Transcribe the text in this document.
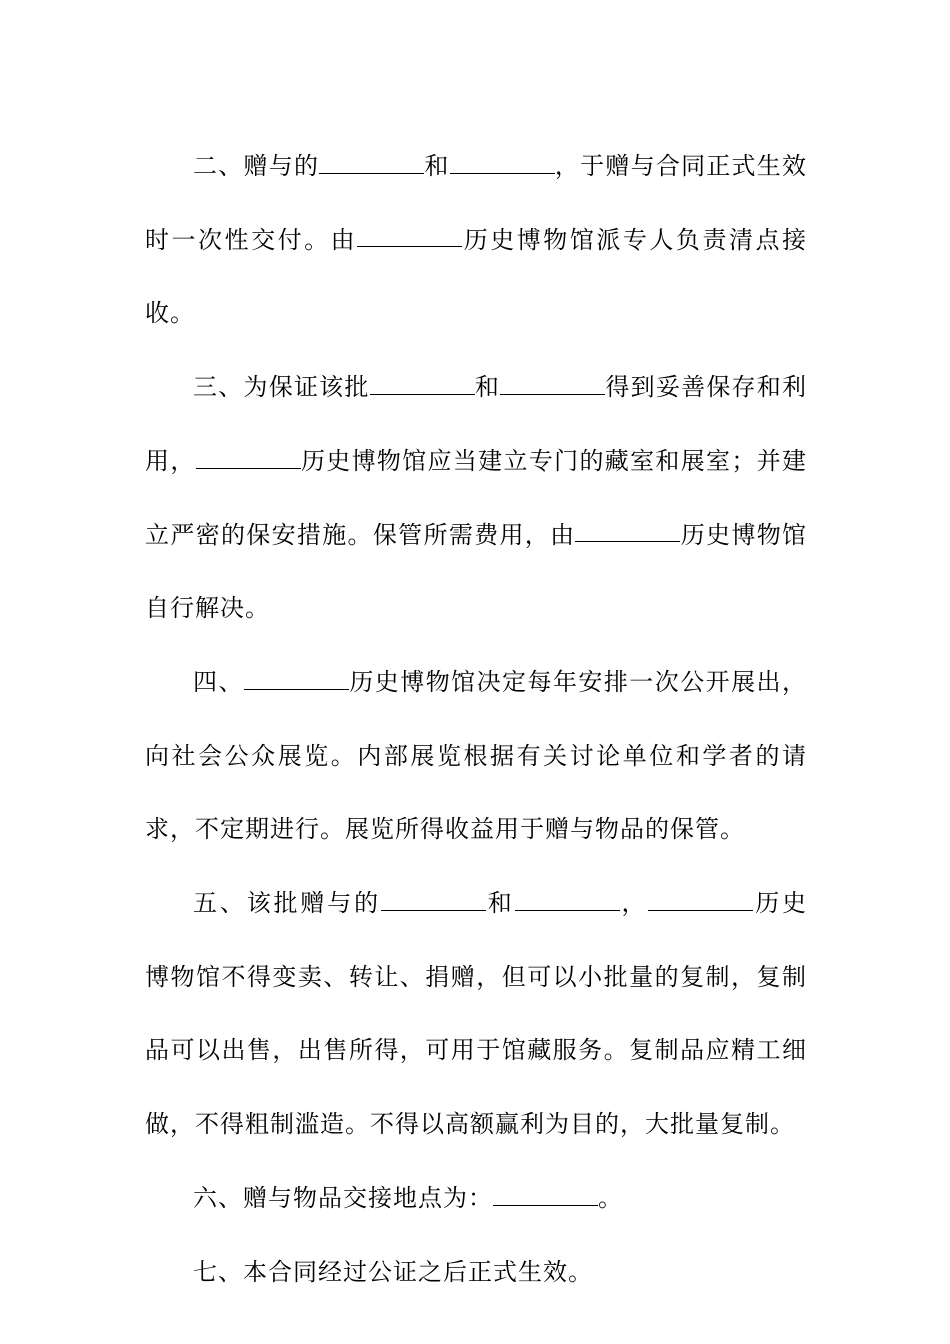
二、赠与的	和	，于赠与合同正式生效时一次性交付。由	历史博物馆派专人负责清点接收。

三、为保证该批	和	得到妥善保存和利用，	历史博物馆应当建立专门的藏室和展室；并建立严密的保安措施。保管所需费用，由	历史博物馆自行解决。

四、	历史博物馆决定每年安排一次公开展出，向社会公众展览。内部展览根据有关讨论单位和学者的请求，不定期进行。展览所得收益用于赠与物品的保管。

五、该批赠与的	和	，	历史博物馆不得变卖、转让、捐赠，但可以小批量的复制，复制品可以出售，出售所得，可用于馆藏服务。复制品应精工细做，不得粗制滥造。不得以高额赢利为目的，大批量复制。

六、赠与物品交接地点为：	。

七、本合同经过公证之后正式生效。
